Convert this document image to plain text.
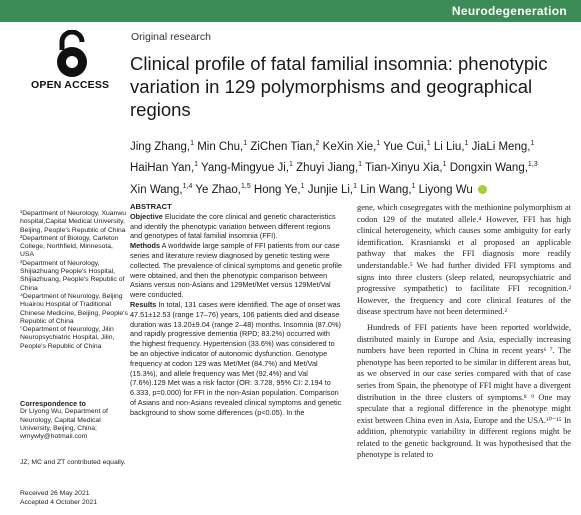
Neurodegeneration
OPEN ACCESS
Original research
Clinical profile of fatal familial insomnia: phenotypic variation in 129 polymorphisms and geographical regions
Jing Zhang,$^1$ Min Chu,$^1$ ZiChen Tian,$^2$ KeXin Xie,$^1$ Yue Cui,$^1$ Li Liu,$^1$ JiaLi Meng,$^1$
HaiHan Yan,$^1$ Yang-Mingyue Ji,$^1$ Zhuyi Jiang,$^1$ Tian-Xinyu Xia,$^1$ Dongxin Wang,$^{1,3}$
Xin Wang,$^{1,4}$ Ye Zhao,$^{1,5}$ Hong Ye,$^1$ Junjie Li,$^1$ Lin Wang,$^1$ Liyong Wu

¹Department of Neurology, Xuanwu hospital,Capital Medical University, Beijing, People's Republic of China

²Department of Biology, Carleton College, Northfield, Minnesota, USA

³Department of Neurology, Shijiazhuang People's Hospital, Shijiazhuang, People's Republic of China

⁴Department of Neurology, Beijing Huairou Hospital of Traditional Chinese Medicine, Beijing, People's Republic of China

⁵Department of Neurology, Jilin Neuropsychiatric Hospital, Jilin, People's Republic of China

Correspondence to
Dr Liyong Wu, Department of Neurology, Capital Medical University, Beijing, China; wmywly@hotmail.com
JZ, MC and ZT contributed equally.
Received 26 May 2021
Accepted 4 October 2021
ABSTRACT
Objective Elucidate the core clinical and genetic characteristics and identify the phenotypic variation between different regions and genotypes of fatal familial insomnia (FFI).
Methods A worldwide large sample of FFI patients from our case series and literature review diagnosed by genetic testing were collected. The prevalence of clinical symptoms and genetic profile were obtained, and then the phenotypic comparison between Asians versus non-Asians and 129Met/Met versus 129Met/Val were conducted.
Results In total, 131 cases were identified. The age of onset was 47.51±12.53 (range 17–76) years, 106 patients died and disease duration was 13.20±9.04 (range 2–48) months. Insomnia (87.0%) and rapidly progressive dementia (RPD; 83.2%) occurred with the highest frequency. Hypertension (33.6%) was considered to be an objective indicator of autonomic dysfunction. Genotype frequency at codon 129 was Met/Met (84.7%) and Met/Val (15.3%), and allele frequency was Met (92.4%) and Val (7.6%).129 Met was a risk factor (OR: 3.728, 95% CI: 2.194 to 6.333, p=0.000) for FFI in the non-Asian population. Comparison of Asians and non-Asians revealed clinical symptoms and genetic background to show some differences (p<0.05). In the

gene, which cosegregates with the methionine polymorphism at codon 129 of the mutated allele.⁴ However, FFI has high clinical heterogeneity, which causes some ambiguity for early identification. Krasnianski et al proposed an applicable pathway that makes the FFI diagnosis more readily understandable.⁵ We had further divided FFI symptoms and signs into three clusters (sleep related, neuropsychiatric and progressive sympathetic) to facilitate FFI recognition.² However, the frequency and core clinical features of the disease spectrum have not been determined.²

Hundreds of FFI patients have been reported worldwide, distributed mainly in Europe and Asia, especially increasing numbers have been reported in China in recent years⁶ ⁷. The phenotype has been reported to be similar in different areas but, as we observed in our case series compared with that of case series from Spain, the phenotype of FFI might have a divergent distribution in the three clusters of symptoms.⁸ ⁹ One may speculate that a regional difference in the phenotype might exist between China even in Asia, Europe and the USA.¹⁰⁻¹⁵ In addition, phenotypic variability in different regions might be related to the genetic background. It was hypothesised that the phenotype is related to
